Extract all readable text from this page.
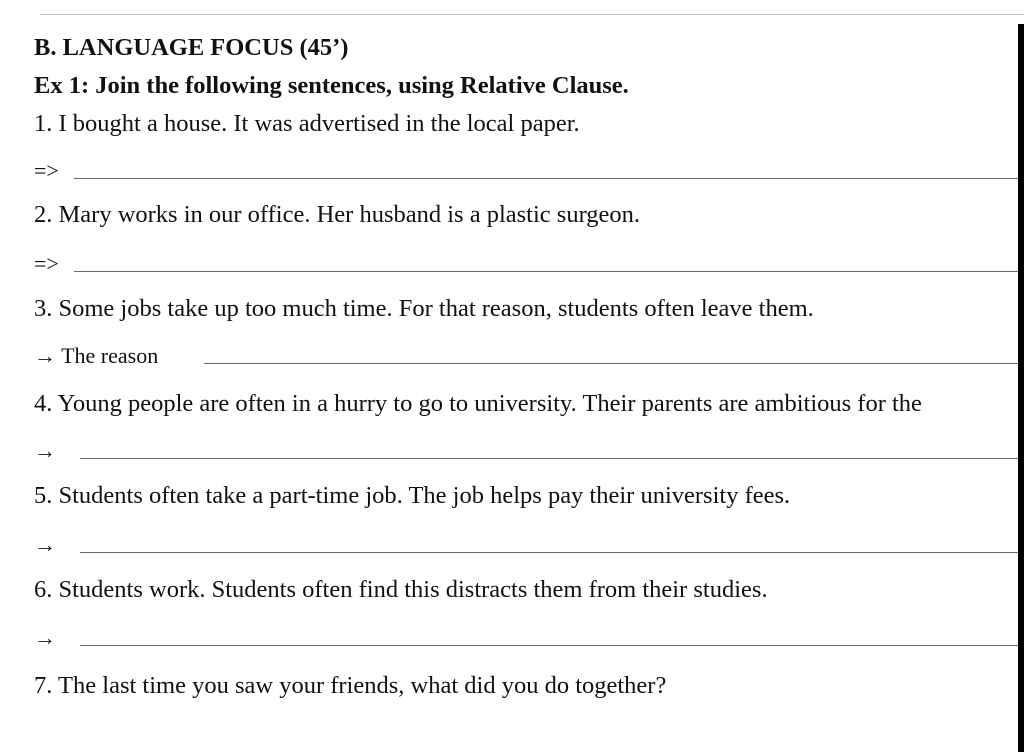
B. LANGUAGE FOCUS (45’)
Ex 1: Join the following sentences, using Relative Clause.
1. I bought a house. It was advertised in the local paper.
=>
2. Mary works in our office. Her husband is a plastic surgeon.
=>
3. Some jobs take up too much time. For that reason, students often leave them.
→ The reason
4. Young people are often in a hurry to go to university. Their parents are ambitious for the
→
5. Students often take a part-time job. The job helps pay their university fees.
→
6. Students work. Students often find this distracts them from their studies.
→
7. The last time you saw your friends, what did you do together?
